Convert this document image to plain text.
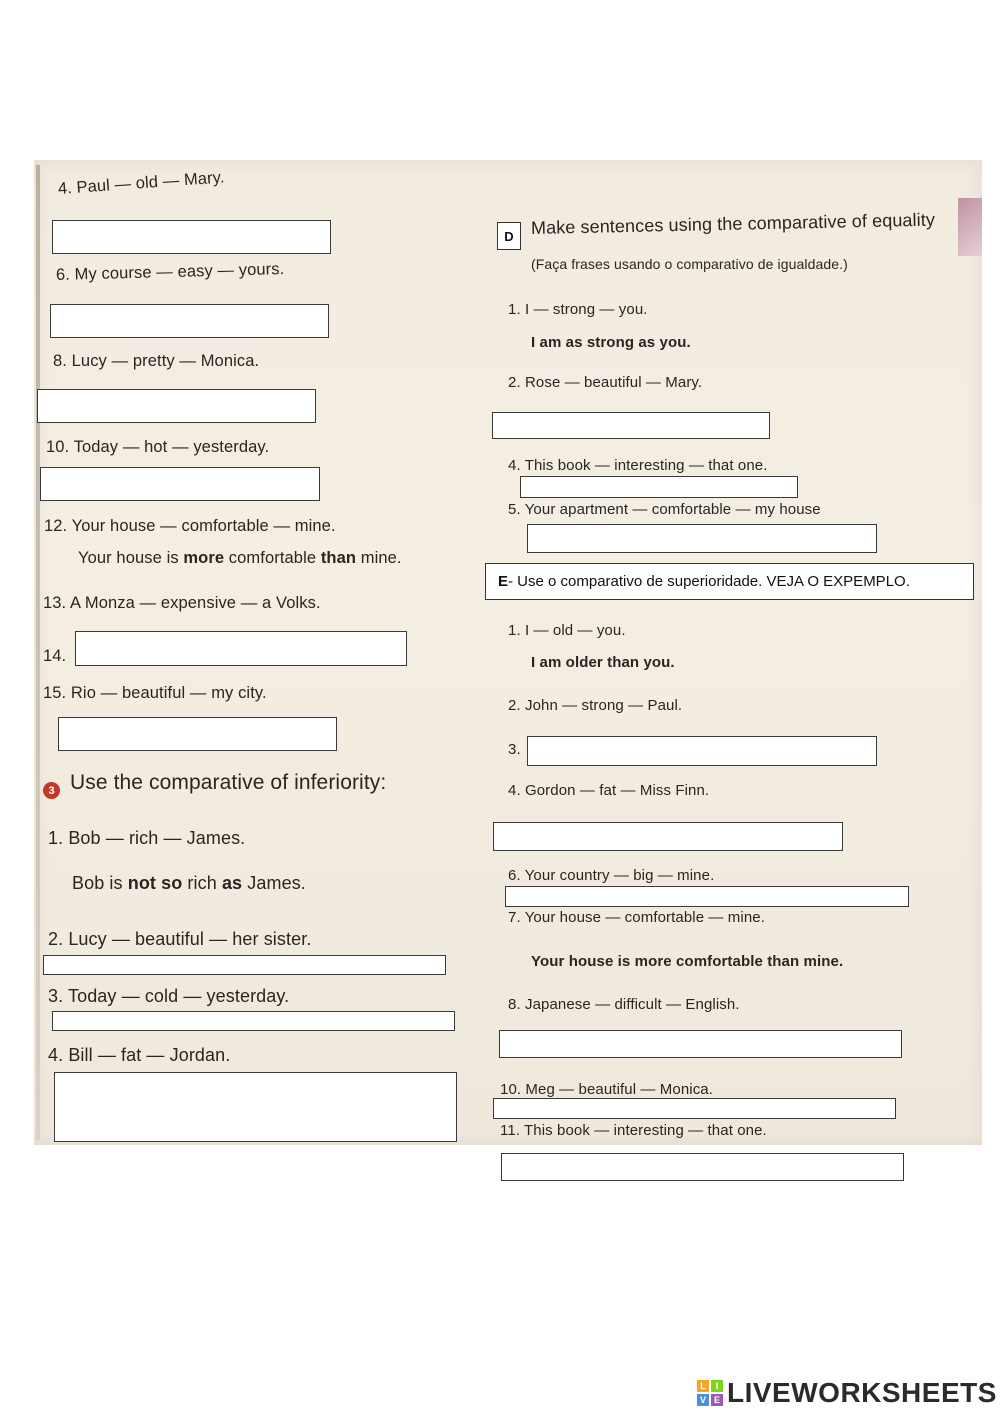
4. Paul — old — Mary.
6. My course — easy — yours.
8. Lucy — pretty — Monica.
10. Today — hot — yesterday.
12. Your house — comfortable — mine.
Your house is more comfortable than mine.
13. A Monza — expensive — a Volks.
14.
15. Rio — beautiful — my city.
3 Use the comparative of inferiority:
1. Bob — rich — James.
Bob is not so rich as James.
2. Lucy — beautiful — her sister.
3. Today — cold — yesterday.
4. Bill — fat — Jordan.
D Make sentences using the comparative of equality
(Faça frases usando o comparativo de igualdade.)
1. I — strong — you.
I am as strong as you.
2. Rose — beautiful — Mary.
4. This book — interesting — that one.
5. Your apartment — comfortable — my house
E - Use o comparativo de superioridade. VEJA O EXPEMPLO.
1. I — old — you.
I am older than you.
2. John — strong — Paul.
3.
4. Gordon — fat — Miss Finn.
6. Your country — big — mine.
7. Your house — comfortable — mine.
Your house is more comfortable than mine.
8. Japanese — difficult — English.
10. Meg — beautiful — Monica.
11. This book — interesting — that one.
L	I
V E LIVEWORKSHEETS
